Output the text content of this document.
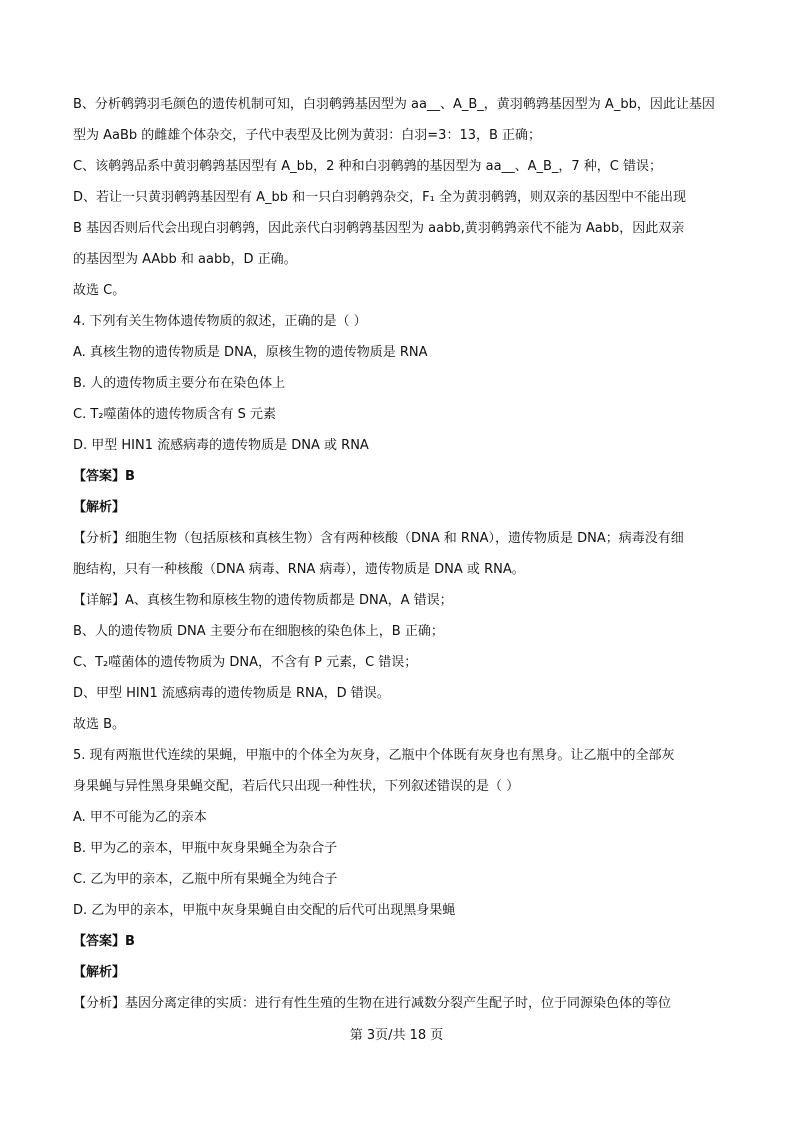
B、分析鹌鹑羽毛颜色的遗传机制可知，白羽鹌鹑基因型为 aa__、A_B_，黄羽鹌鹑基因型为 A_bb，因此让基因
型为 AaBb 的雌雄个体杂交，子代中表型及比例为黄羽：白羽=3：13，B 正确；
C、该鹌鹑品系中黄羽鹌鹑基因型有 A_bb，2 种和白羽鹌鹑的基因型为 aa__、A_B_，7 种，C 错误；
D、若让一只黄羽鹌鹑基因型有 A_bb 和一只白羽鹌鹑杂交，F₁ 全为黄羽鹌鹑，则双亲的基因型中不能出现
B 基因否则后代会出现白羽鹌鹑，因此亲代白羽鹌鹑基因型为 aabb,黄羽鹌鹑亲代不能为 Aabb，因此双亲
的基因型为 AAbb 和 aabb，D 正确。
故选 C。
4. 下列有关生物体遗传物质的叙述，正确的是（ ）
A. 真核生物的遗传物质是 DNA，原核生物的遗传物质是 RNA
B. 人的遗传物质主要分布在染色体上
C. T₂噬菌体的遗传物质含有 S 元素
D. 甲型 HIN1 流感病毒的遗传物质是 DNA 或 RNA
【答案】B
【解析】
【分析】细胞生物（包括原核和真核生物）含有两种核酸（DNA 和 RNA），遗传物质是 DNA；病毒没有细
胞结构，只有一种核酸（DNA 病毒、RNA 病毒），遗传物质是 DNA 或 RNA。
【详解】A、真核生物和原核生物的遗传物质都是 DNA，A 错误；
B、人的遗传物质 DNA 主要分布在细胞核的染色体上，B 正确；
C、T₂噬菌体的遗传物质为 DNA，不含有 P 元素，C 错误；
D、甲型 HIN1 流感病毒的遗传物质是 RNA，D 错误。
故选 B。
5. 现有两瓶世代连续的果蝇，甲瓶中的个体全为灰身，乙瓶中个体既有灰身也有黑身。让乙瓶中的全部灰
身果蝇与异性黑身果蝇交配，若后代只出现一种性状，下列叙述错误的是（ ）
A. 甲不可能为乙的亲本
B. 甲为乙的亲本，甲瓶中灰身果蝇全为杂合子
C. 乙为甲的亲本，乙瓶中所有果蝇全为纯合子
D. 乙为甲的亲本，甲瓶中灰身果蝇自由交配的后代可出现黑身果蝇
【答案】B
【解析】
【分析】基因分离定律的实质：进行有性生殖的生物在进行减数分裂产生配子时，位于同源染色体的等位
第 3页/共 18 页
